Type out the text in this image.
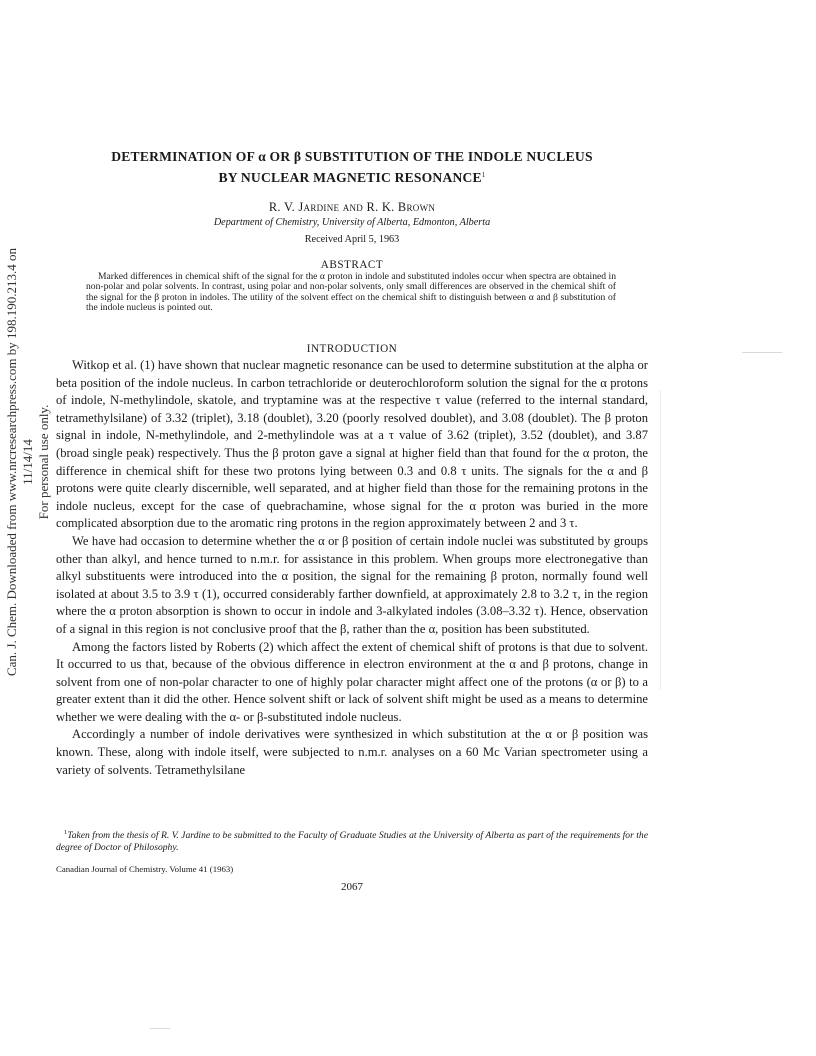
Can. J. Chem. Downloaded from www.nrcresearchpress.com by 198.190.213.4 on 11/14/14 For personal use only.
DETERMINATION OF α OR β SUBSTITUTION OF THE INDOLE NUCLEUS
BY NUCLEAR MAGNETIC RESONANCE$^1$
R. V. Jardine and R. K. Brown
Department of Chemistry, University of Alberta, Edmonton, Alberta
Received April 5, 1963
ABSTRACT
Marked differences in chemical shift of the signal for the α proton in indole and substituted indoles occur when spectra are obtained in non-polar and polar solvents. In contrast, using polar and non-polar solvents, only small differences are observed in the chemical shift of the signal for the β proton in indoles. The utility of the solvent effect on the chemical shift to distinguish between α and β substitution of the indole nucleus is pointed out.
INTRODUCTION

Witkop et al. (1) have shown that nuclear magnetic resonance can be used to determine substitution at the alpha or beta position of the indole nucleus. In carbon tetrachloride or deuterochloroform solution the signal for the α protons of indole, N-methylindole, skatole, and tryptamine was at the respective τ value (referred to the internal standard, tetramethylsilane) of 3.32 (triplet), 3.18 (doublet), 3.20 (poorly resolved doublet), and 3.08 (doublet). The β proton signal in indole, N-methylindole, and 2-methylindole was at a τ value of 3.62 (triplet), 3.52 (doublet), and 3.87 (broad single peak) respectively. Thus the β proton gave a signal at higher field than that found for the α proton, the difference in chemical shift for these two protons lying between 0.3 and 0.8 τ units. The signals for the α and β protons were quite clearly discernible, well separated, and at higher field than those for the remaining protons in the indole nucleus, except for the case of quebrachamine, whose signal for the α proton was buried in the more complicated absorption due to the aromatic ring protons in the region approximately between 2 and 3 τ.

We have had occasion to determine whether the α or β position of certain indole nuclei was substituted by groups other than alkyl, and hence turned to n.m.r. for assistance in this problem. When groups more electronegative than alkyl substituents were introduced into the α position, the signal for the remaining β proton, normally found well isolated at about 3.5 to 3.9 τ (1), occurred considerably farther downfield, at approximately 2.8 to 3.2 τ, in the region where the α proton absorption is shown to occur in indole and 3-alkylated indoles (3.08–3.32 τ). Hence, observation of a signal in this region is not conclusive proof that the β, rather than the α, position has been substituted.

Among the factors listed by Roberts (2) which affect the extent of chemical shift of protons is that due to solvent. It occurred to us that, because of the obvious difference in electron environment at the α and β protons, change in solvent from one of non-polar character to one of highly polar character might affect one of the protons (α or β) to a greater extent than it did the other. Hence solvent shift or lack of solvent shift might be used as a means to determine whether we were dealing with the α- or β-substituted indole nucleus.

Accordingly a number of indole derivatives were synthesized in which substitution at the α or β position was known. These, along with indole itself, were subjected to n.m.r. analyses on a 60 Mc Varian spectrometer using a variety of solvents. Tetramethylsilane

$^1$Taken from the thesis of R. V. Jardine to be submitted to the Faculty of Graduate Studies at the University of Alberta as part of the requirements for the degree of Doctor of Philosophy.
Canadian Journal of Chemistry. Volume 41 (1963)
2067
